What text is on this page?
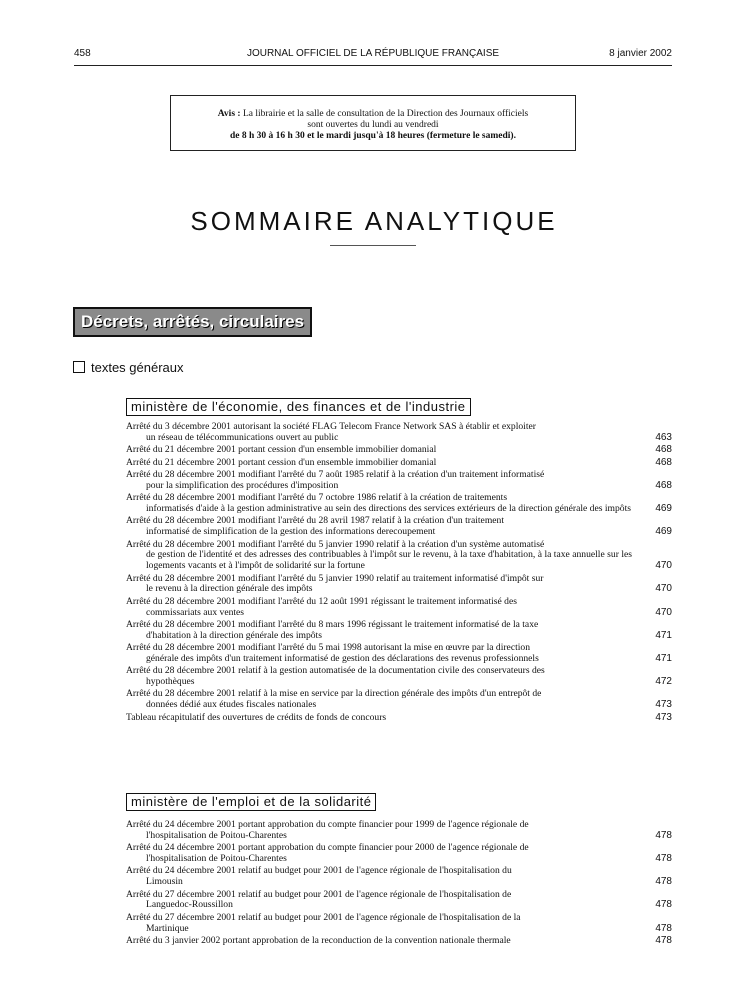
458	JOURNAL OFFICIEL DE LA RÉPUBLIQUE FRANÇAISE	8 janvier 2002
Avis : La librairie et la salle de consultation de la Direction des Journaux officiels
sont ouvertes du lundi au vendredi
de 8 h 30 à 16 h 30 et le mardi jusqu'à 18 heures (fermeture le samedi).
SOMMAIRE ANALYTIQUE
Décrets, arrêtés, circulaires
textes généraux
ministère de l'économie, des finances et de l'industrie
Arrêté du 3 décembre 2001 autorisant la société FLAG Telecom France Network SAS à établir et exploiter
un réseau de télécommunications ouvert au public	463
Arrêté du 21 décembre 2001 portant cession d'un ensemble immobilier domanial	468
Arrêté du 21 décembre 2001 portant cession d'un ensemble immobilier domanial	468
Arrêté du 28 décembre 2001 modifiant l'arrêté du 7 août 1985 relatif à la création d'un traitement informatisé
pour la simplification des procédures d'imposition	468
Arrêté du 28 décembre 2001 modifiant l'arrêté du 7 octobre 1986 relatif à la création de traitements
informatisés d'aide à la gestion administrative au sein des directions des services extérieurs de la direction générale des impôts 469
Arrêté du 28 décembre 2001 modifiant l'arrêté du 28 avril 1987 relatif à la création d'un traitement
informatisé de simplification de la gestion des informations derecoupement	469
Arrêté du 28 décembre 2001 modifiant l'arrêté du 5 janvier 1990 relatif à la création d'un système automatisé
de gestion de l'identité et des adresses des contribuables à l'impôt sur le revenu, à la taxe d'habitation, à la taxe annuelle sur les logements vacants et à l'impôt de solidarité sur la fortune	470
Arrêté du 28 décembre 2001 modifiant l'arrêté du 5 janvier 1990 relatif au traitement informatisé d'impôt sur
le revenu à la direction générale des impôts	470
Arrêté du 28 décembre 2001 modifiant l'arrêté du 12 août 1991 régissant le traitement informatisé des
commissariats aux ventes	470
Arrêté du 28 décembre 2001 modifiant l'arrêté du 8 mars 1996 régissant le traitement informatisé de la taxe
d'habitation à la direction générale des impôts	471
Arrêté du 28 décembre 2001 modifiant l'arrêté du 5 mai 1998 autorisant la mise en œuvre par la direction
générale des impôts d'un traitement informatisé de gestion des déclarations des revenus professionnels	471
Arrêté du 28 décembre 2001 relatif à la gestion automatisée de la documentation civile des conservateurs des
hypothèques	472
Arrêté du 28 décembre 2001 relatif à la mise en service par la direction générale des impôts d'un entrepôt de
données dédié aux études fiscales nationales	473
Tableau récapitulatif des ouvertures de crédits de fonds de concours	473
ministère de l'emploi et de la solidarité
Arrêté du 24 décembre 2001 portant approbation du compte financier pour 1999 de l'agence régionale de
l'hospitalisation de Poitou-Charentes	478
Arrêté du 24 décembre 2001 portant approbation du compte financier pour 2000 de l'agence régionale de
l'hospitalisation de Poitou-Charentes	478
Arrêté du 24 décembre 2001 relatif au budget pour 2001 de l'agence régionale de l'hospitalisation du
Limousin	478
Arrêté du 27 décembre 2001 relatif au budget pour 2001 de l'agence régionale de l'hospitalisation de
Languedoc-Roussillon	478
Arrêté du 27 décembre 2001 relatif au budget pour 2001 de l'agence régionale de l'hospitalisation de la
Martinique	478
Arrêté du 3 janvier 2002 portant approbation de la reconduction de la convention nationale thermale	478
